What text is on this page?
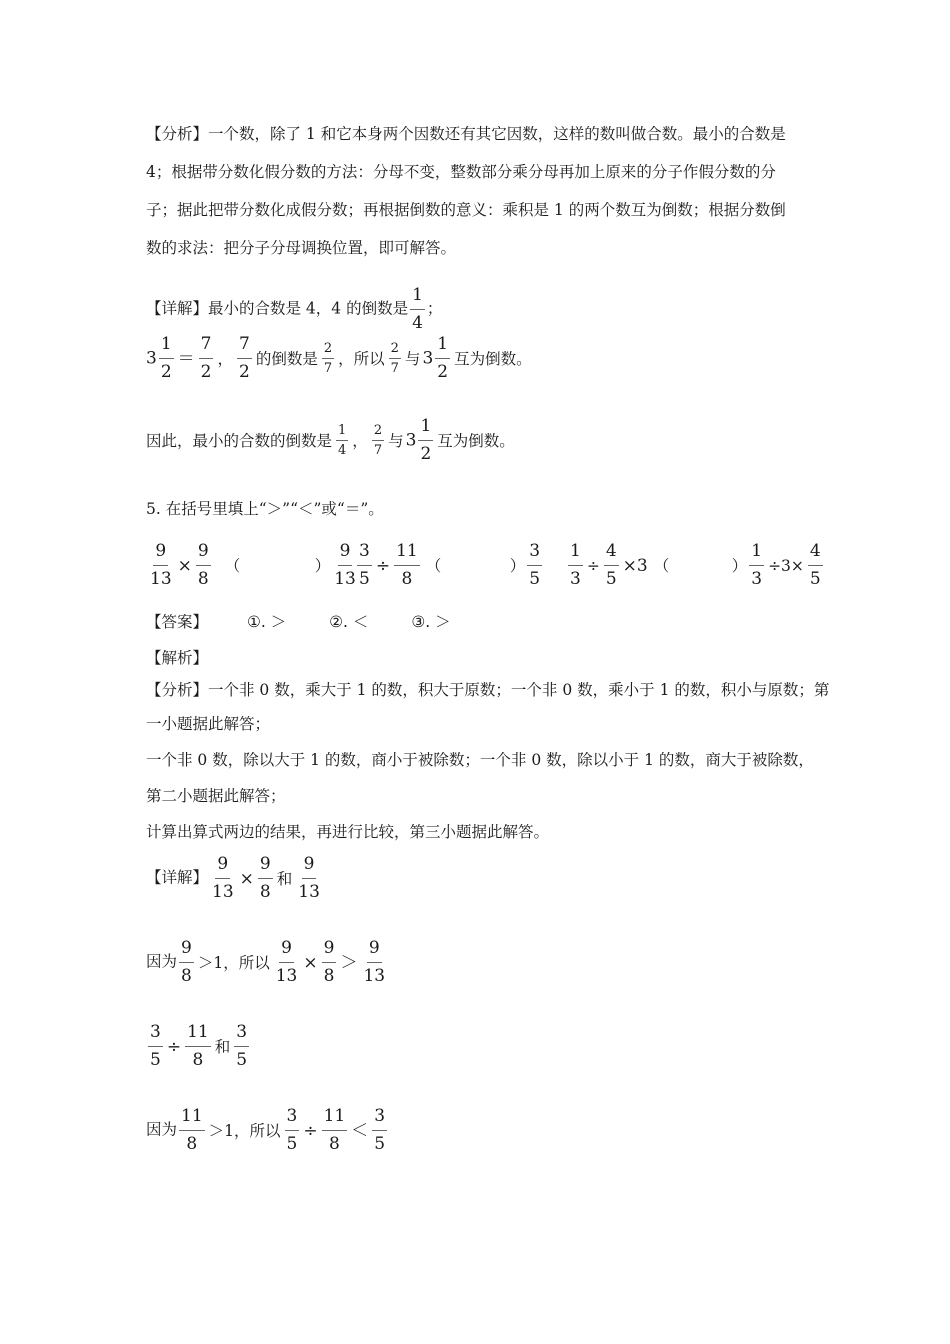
【分析】一个数，除了 1 和它本身两个因数还有其它因数，这样的数叫做合数。最小的合数是
4；根据带分数化假分数的方法：分母不变，整数部分乘分母再加上原来的分子作假分数的分
子；据此把带分数化成假分数；再根据倒数的意义：乘积是 1 的两个数互为倒数；根据分数倒
数的求法：把分子分母调换位置，即可解答。
【详解】最小的合数是 4，4 的倒数是 $\frac{1}{4}$ ；
$3 \frac{1}{2} = \frac{7}{2}$ ， $\frac{7}{2}$ 的倒数是 $\frac{2}{7}$ ，所以 $\frac{2}{7}$ 与 $3 \frac{1}{2}$ 互为倒数。
因此，最小的合数的倒数是 $\frac{1}{4}$ ， $\frac{2}{7}$ 与 $3 \frac{1}{2}$ 互为倒数。
5. 在括号里填上“＞”“＜”或“＝”。
$\frac{9}{13} \times \frac{9}{8}$ （	） $\frac{9}{13} \frac{3}{5} \div \frac{11}{8}$ （	） $\frac{3}{5} \frac{1}{3} \div \frac{4}{5} \times 3$ （	） $\frac{1}{3} \div 3\times \frac{4}{5}$
【答案】	①. ＞	②. ＜	③. ＞
【解析】
【分析】一个非 0 数，乘大于 1 的数，积大于原数；一个非 0 数，乘小于 1 的数，积小与原数；第
一小题据此解答；
一个非 0 数，除以大于 1 的数，商小于被除数；一个非 0 数，除以小于 1 的数，商大于被除数，
第二小题据此解答；
计算出算式两边的结果，再进行比较，第三小题据此解答。
【详解】 $\frac{9}{13} \times \frac{9}{8}$ 和 $\frac{9}{13}$
因为 $\frac{9}{8} >1$，所以 $\frac{9}{13} \times \frac{9}{8} > \frac{9}{13}$
$\frac{3}{5} \div \frac{11}{8}$ 和 $\frac{3}{5}$
因为 $\frac{11}{8} >1$，所以 $\frac{3}{5} \div \frac{11}{8} < \frac{3}{5}$
